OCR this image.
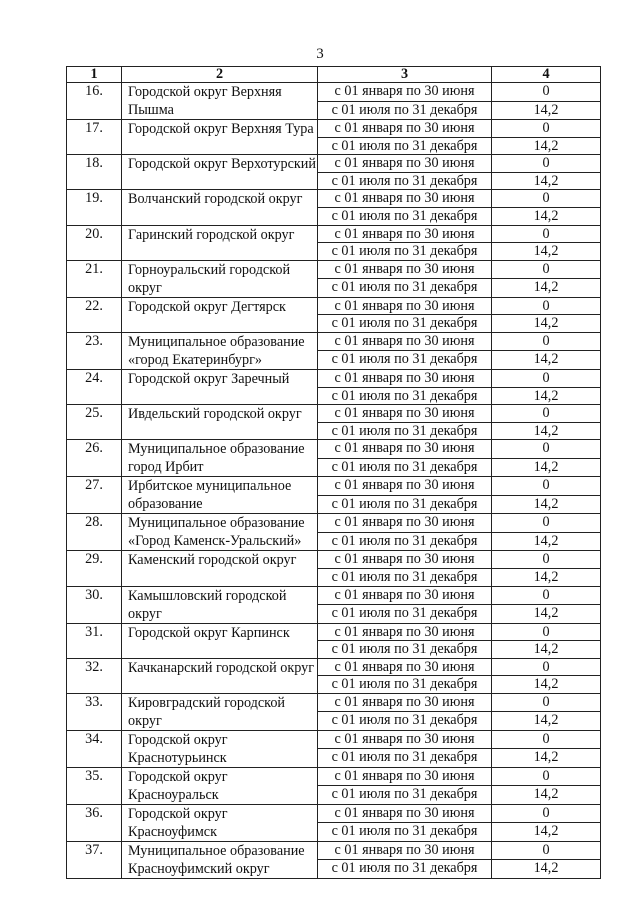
3
1	2	3	4
16.	Городской округ Верхняя Пышма	с 01 января по 30 июня	0
		с 01 июля по 31 декабря	14,2
17.	Городской округ Верхняя Тура	с 01 января по 30 июня	0
		с 01 июля по 31 декабря	14,2
18.	Городской округ Верхотурский	с 01 января по 30 июня	0
		с 01 июля по 31 декабря	14,2
19.	Волчанский городской округ	с 01 января по 30 июня	0
		с 01 июля по 31 декабря	14,2
20.	Гаринский городской округ	с 01 января по 30 июня	0
		с 01 июля по 31 декабря	14,2
21.	Горноуральский городской округ	с 01 января по 30 июня	0
		с 01 июля по 31 декабря	14,2
22.	Городской округ Дегтярск	с 01 января по 30 июня	0
		с 01 июля по 31 декабря	14,2
23.	Муниципальное образование «город Екатеринбург»	с 01 января по 30 июня	0
		с 01 июля по 31 декабря	14,2
24.	Городской округ Заречный	с 01 января по 30 июня	0
		с 01 июля по 31 декабря	14,2
25.	Ивдельский городской округ	с 01 января по 30 июня	0
		с 01 июля по 31 декабря	14,2
26.	Муниципальное образование город Ирбит	с 01 января по 30 июня	0
		с 01 июля по 31 декабря	14,2
27.	Ирбитское муниципальное образование	с 01 января по 30 июня	0
		с 01 июля по 31 декабря	14,2
28.	Муниципальное образование «Город Каменск-Уральский»	с 01 января по 30 июня	0
		с 01 июля по 31 декабря	14,2
29.	Каменский городской округ	с 01 января по 30 июня	0
		с 01 июля по 31 декабря	14,2
30.	Камышловский городской округ	с 01 января по 30 июня	0
		с 01 июля по 31 декабря	14,2
31.	Городской округ Карпинск	с 01 января по 30 июня	0
		с 01 июля по 31 декабря	14,2
32.	Качканарский городской округ	с 01 января по 30 июня	0
		с 01 июля по 31 декабря	14,2
33.	Кировградский городской округ	с 01 января по 30 июня	0
		с 01 июля по 31 декабря	14,2
34.	Городской округ Краснотурьинск	с 01 января по 30 июня	0
		с 01 июля по 31 декабря	14,2
35.	Городской округ Красноуральск	с 01 января по 30 июня	0
		с 01 июля по 31 декабря	14,2
36.	Городской округ Красноуфимск	с 01 января по 30 июня	0
		с 01 июля по 31 декабря	14,2
37.	Муниципальное образование Красноуфимский округ	с 01 января по 30 июня	0
		с 01 июля по 31 декабря	14,2
